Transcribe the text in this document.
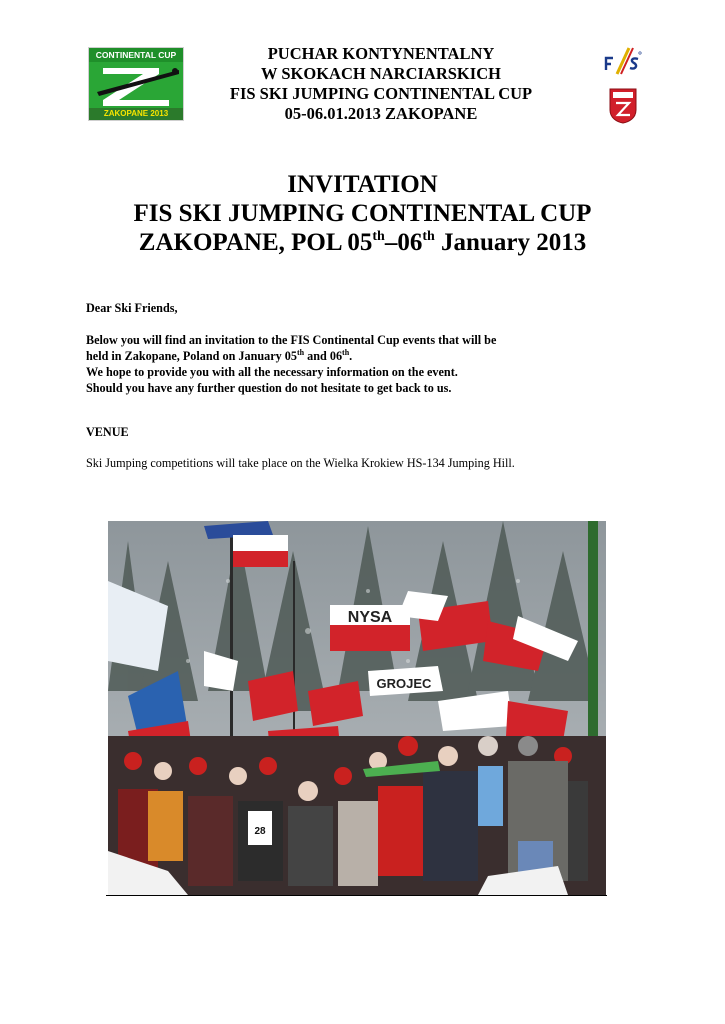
CONTINENTAL CUP
ZAKOPANE 2013
PUCHAR KONTYNENTALNY
W SKOKACH NARCIARSKICH
FIS SKI JUMPING CONTINENTAL CUP
05-06.01.2013 ZAKOPANE
INVITATION
FIS SKI JUMPING CONTINENTAL CUP
ZAKOPANE, POL 05th–06th January 2013
Dear Ski Friends,
Below you will find an invitation to the FIS Continental Cup events that will be
held in Zakopane, Poland on January 05th and 06th.
We hope to provide you with all the necessary information on the event.
Should you have any further question do not hesitate to get back to us.
VENUE
Ski Jumping competitions will take place on the Wielka Krokiew HS-134 Jumping Hill.
NYSA
GROJEC
28
